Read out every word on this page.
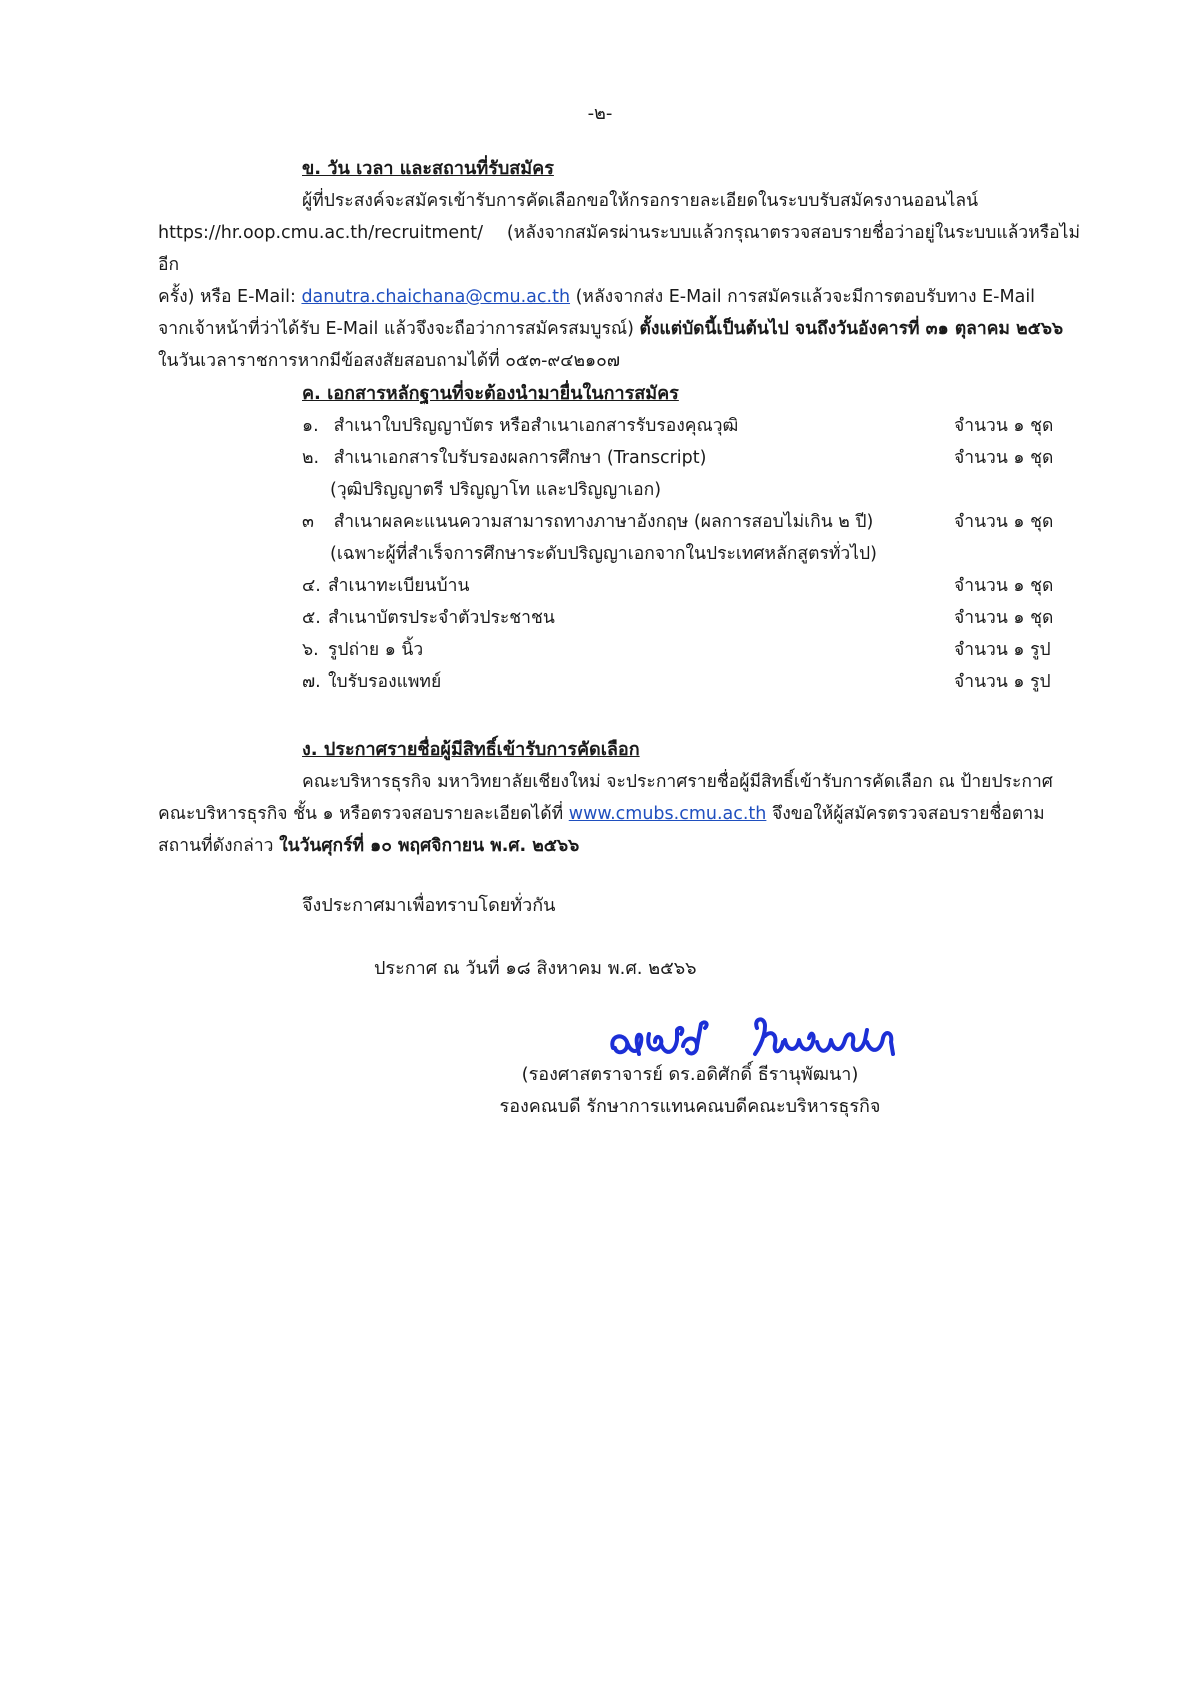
-๒-
ข. วัน เวลา และสถานที่รับสมัคร
ผู้ที่ประสงค์จะสมัครเข้ารับการคัดเลือกขอให้กรอกรายละเอียดในระบบรับสมัครงานออนไลน์
https://hr.oop.cmu.ac.th/recruitment/ (หลังจากสมัครผ่านระบบแล้วกรุณาตรวจสอบรายชื่อว่าอยู่ในระบบแล้วหรือไม่อีก
ครั้ง) หรือ E-Mail: danutra.chaichana@cmu.ac.th (หลังจากส่ง E-Mail การสมัครแล้วจะมีการตอบรับทาง E-Mail
จากเจ้าหน้าที่ว่าได้รับ E-Mail แล้วจึงจะถือว่าการสมัครสมบูรณ์) ตั้งแต่บัดนี้เป็นต้นไป จนถึงวันอังคารที่ ๓๑ ตุลาคม ๒๕๖๖
ในวันเวลาราชการหากมีข้อสงสัยสอบถามได้ที่ ๐๕๓-๙๔๒๑๐๗
ค. เอกสารหลักฐานที่จะต้องนำมายื่นในการสมัคร
๑. สำเนาใบปริญญาบัตร หรือสำเนาเอกสารรับรองคุณวุฒิ	จำนวน ๑ ชุด
๒. สำเนาเอกสารใบรับรองผลการศึกษา (Transcript)	จำนวน ๑ ชุด
(วุฒิปริญญาตรี ปริญญาโท และปริญญาเอก)
๓ สำเนาผลคะแนนความสามารถทางภาษาอังกฤษ (ผลการสอบไม่เกิน ๒ ปี)	จำนวน ๑ ชุด
(เฉพาะผู้ที่สำเร็จการศึกษาระดับปริญญาเอกจากในประเทศหลักสูตรทั่วไป)
๔. สำเนาทะเบียนบ้าน	จำนวน ๑ ชุด
๕. สำเนาบัตรประจำตัวประชาชน	จำนวน ๑ ชุด
๖. รูปถ่าย ๑ นิ้ว	จำนวน ๑ รูป
๗. ใบรับรองแพทย์	จำนวน ๑ รูป
ง. ประกาศรายชื่อผู้มีสิทธิ์เข้ารับการคัดเลือก
คณะบริหารธุรกิจ มหาวิทยาลัยเชียงใหม่ จะประกาศรายชื่อผู้มีสิทธิ์เข้ารับการคัดเลือก ณ ป้ายประกาศ
คณะบริหารธุรกิจ ชั้น ๑ หรือตรวจสอบรายละเอียดได้ที่ www.cmubs.cmu.ac.th จึงขอให้ผู้สมัครตรวจสอบรายชื่อตาม
สถานที่ดังกล่าว ในวันศุกร์ที่ ๑๐ พฤศจิกายน พ.ศ. ๒๕๖๖
จึงประกาศมาเพื่อทราบโดยทั่วกัน
ประกาศ ณ วันที่ ๑๘ สิงหาคม พ.ศ. ๒๕๖๖
(รองศาสตราจารย์ ดร.อดิศักดิ์ ธีรานุพัฒนา)
รองคณบดี รักษาการแทนคณบดีคณะบริหารธุรกิจ
